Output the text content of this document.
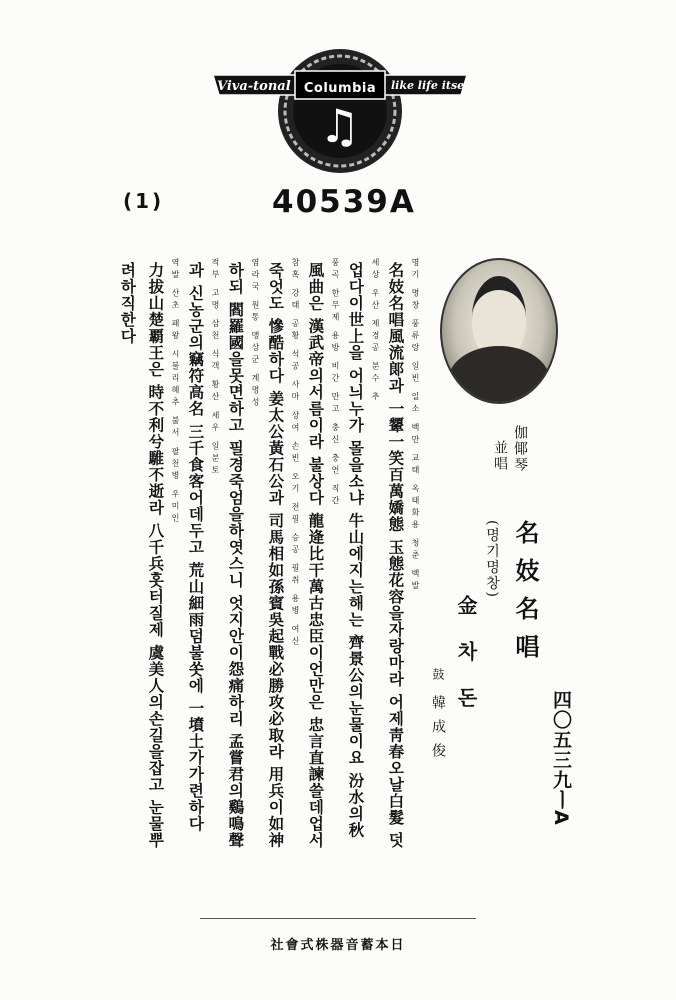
Viva-tonal	Columbia	like life itself
♫
(1)	40539A
四〇五三九ㅣA
名妓名唱
(명기명창)
伽倻琴
並唱
金차돈
鼓
韓成俊
명기 명창 풍류랑 일빈 일소 백만 교태 옥태화용 청춘 백발
名妓名唱風流郞과 一顰一笑百萬嬌態 玉態花容을자랑마라 어제靑春오날白髮 덧
세상 우산 제경공 분수 추
업다이世上을 어늬누가 몰을소냐 牛山에지는해는 齊景公의눈물이요 汾水의秋
풍곡 한무제 용방 비간 만고 충신 충언 직간
風曲은 漢武帝의서름이라 불상다 龍逄比干萬古忠臣이언만은 忠言直諫쓸데업서
참혹 강태 공황 석공 사마 상여 손빈 오기 전필 승공 필취 용병 여신
죽엇도 慘酷하다 姜太公黃石公과 司馬相如孫賓吳起戰必勝攻必取라 用兵이如神
염라국 원통 맹상군 계명성
하되 閻羅國을못면하고 필경죽엄을하엿스니 엇지안이怨痛하리 孟嘗君의鷄鳴聲
적부 고명 삼천 식객 황산 세우 일분토
과 신농군의竊符高名 三千食客어데두고 荒山細雨덤불쏫에 一墳土가가련하다
역발 산초 패왕 시불리혜추 불서 팔천병 우미인
力拔山楚覇王은 時不利兮騅不逝라 八千兵홋터질제 虞美人의손길을잡고 눈물뿌
려하직한다
日本蓄音器株式會社
